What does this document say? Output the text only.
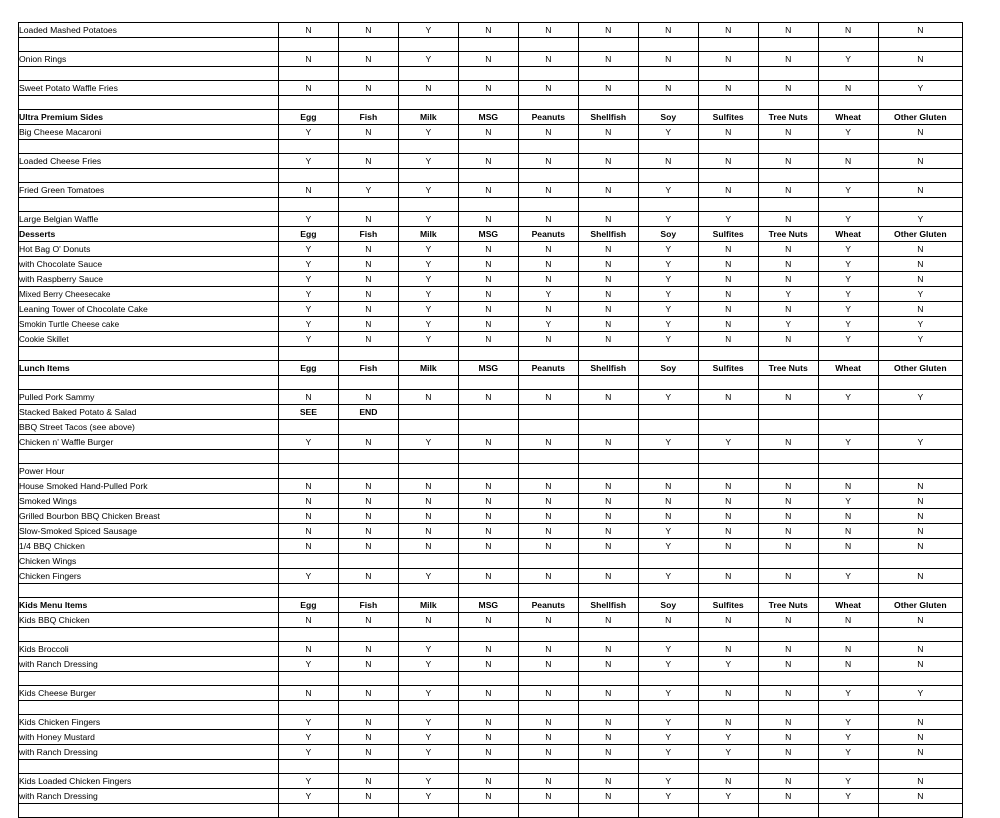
Loaded Mashed Potatoes	N	N	Y	N	N	N	N	N	N	N	N

Onion Rings	N	N	Y	N	N	N	N	N	N	Y	N

Sweet Potato Waffle Fries	N	N	N	N	N	N	N	N	N	N	Y

Ultra Premium Sides	Egg	Fish	Milk	MSG	Peanuts	Shellfish	Soy	Sulfites	Tree Nuts	Wheat	Other Gluten
Big Cheese Macaroni	Y	N	Y	N	N	N	Y	N	N	Y	N

Loaded Cheese Fries	Y	N	Y	N	N	N	N	N	N	N	N

Fried Green Tomatoes	N	Y	Y	N	N	N	Y	N	N	Y	N

Large Belgian Waffle	Y	N	Y	N	N	N	Y	Y	N	Y	Y
Desserts	Egg	Fish	Milk	MSG	Peanuts	Shellfish	Soy	Sulfites	Tree Nuts	Wheat	Other Gluten
Hot Bag O' Donuts	Y	N	Y	N	N	N	Y	N	N	Y	N
with Chocolate Sauce	Y	N	Y	N	N	N	Y	N	N	Y	N
with Raspberry Sauce	Y	N	Y	N	N	N	Y	N	N	Y	N
Mixed Berry Cheesecake	Y	N	Y	N	Y	N	Y	N	Y	Y	Y
Leaning Tower of Chocolate Cake	Y	N	Y	N	N	N	Y	N	N	Y	N
Smokin Turtle Cheese cake	Y	N	Y	N	Y	N	Y	N	Y	Y	Y
Cookie Skillet	Y	N	Y	N	N	N	Y	N	N	Y	Y

Lunch Items	Egg	Fish	Milk	MSG	Peanuts	Shellfish	Soy	Sulfites	Tree Nuts	Wheat	Other Gluten

Pulled Pork Sammy	N	N	N	N	N	N	Y	N	N	Y	Y
Stacked Baked Potato & Salad	SEE	END									
BBQ Street Tacos (see above)											
Chicken n' Waffle Burger	Y	N	Y	N	N	N	Y	Y	N	Y	Y

Power Hour											
House Smoked Hand-Pulled Pork	N	N	N	N	N	N	N	N	N	N	N
Smoked Wings	N	N	N	N	N	N	N	N	N	Y	N
Grilled Bourbon BBQ Chicken Breast	N	N	N	N	N	N	N	N	N	N	N
Slow-Smoked Spiced Sausage	N	N	N	N	N	N	Y	N	N	N	N
1/4 BBQ Chicken	N	N	N	N	N	N	Y	N	N	N	N
Chicken Wings											
Chicken Fingers	Y	N	Y	N	N	N	Y	N	N	Y	N

Kids Menu Items	Egg	Fish	Milk	MSG	Peanuts	Shellfish	Soy	Sulfites	Tree Nuts	Wheat	Other Gluten
Kids BBQ Chicken	N	N	N	N	N	N	N	N	N	N	N

Kids Broccoli	N	N	Y	N	N	N	Y	N	N	N	N
with Ranch Dressing	Y	N	Y	N	N	N	Y	Y	N	N	N

Kids Cheese Burger	N	N	Y	N	N	N	Y	N	N	Y	Y

Kids Chicken Fingers	Y	N	Y	N	N	N	Y	N	N	Y	N
with Honey Mustard	Y	N	Y	N	N	N	Y	Y	N	Y	N
with Ranch Dressing	Y	N	Y	N	N	N	Y	Y	N	Y	N

Kids Loaded Chicken Fingers	Y	N	Y	N	N	N	Y	N	N	Y	N
with Ranch Dressing	Y	N	Y	N	N	N	Y	Y	N	Y	N
